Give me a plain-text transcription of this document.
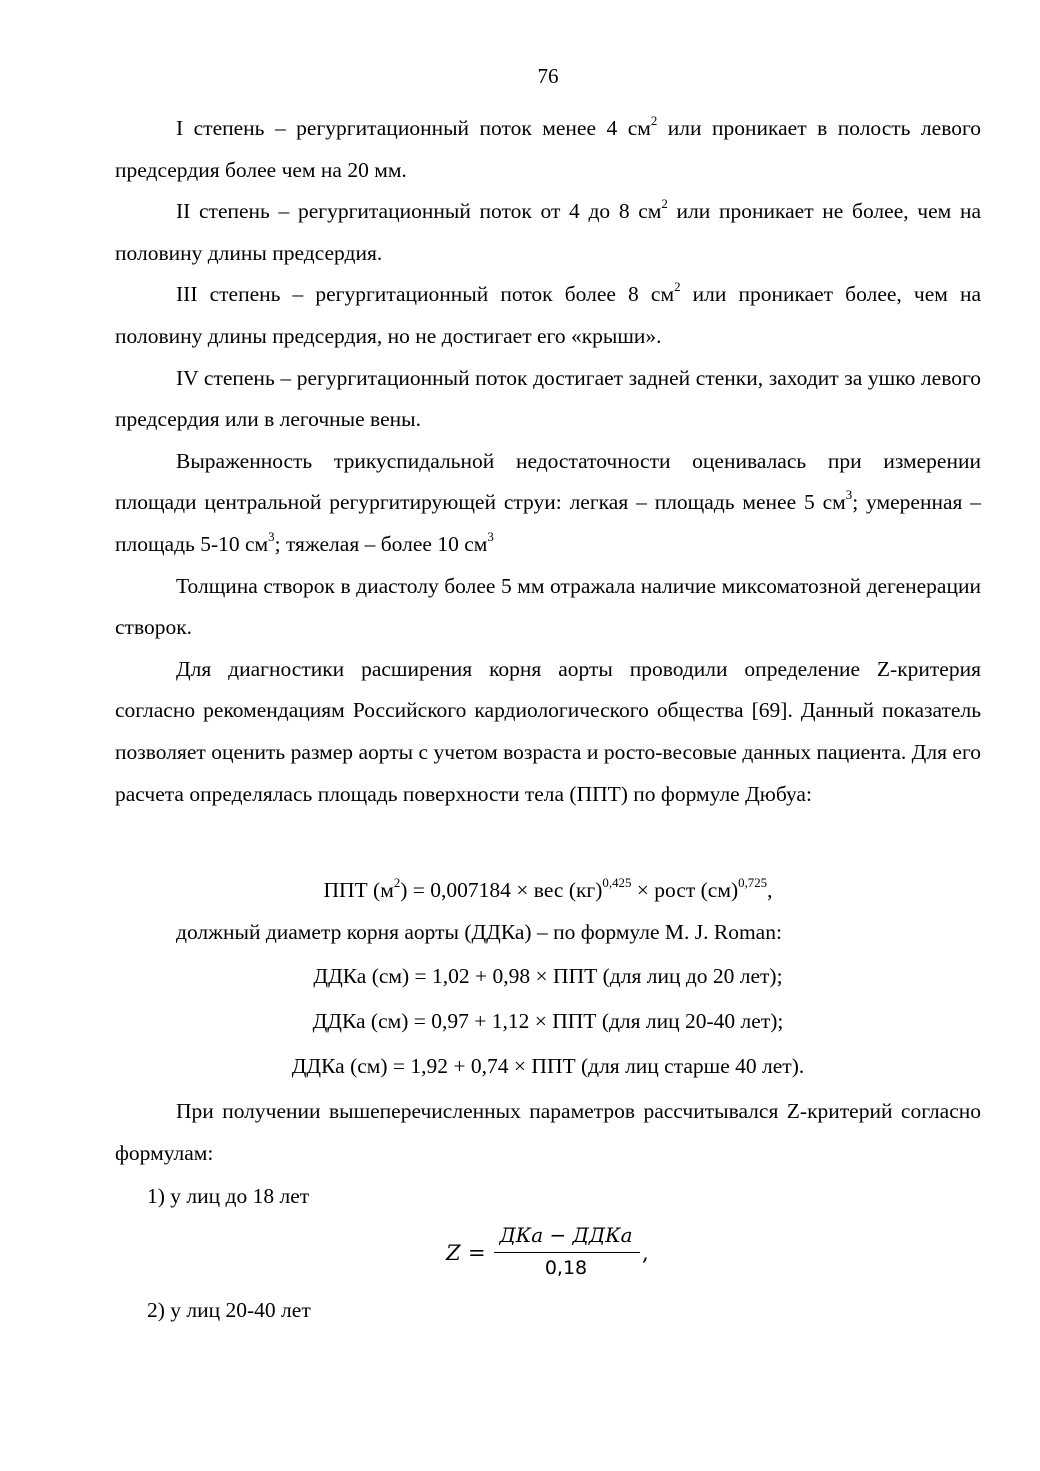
76

I степень – регургитационный поток менее 4 $см^2$ или проникает в полость левого предсердия более чем на 20 мм.

II степень – регургитационный поток от 4 до 8 $см^2$ или проникает не более, чем на половину длины предсердия.

III степень – регургитационный поток более 8 $см^2$ или проникает более, чем на половину длины предсердия, но не достигает его «крыши».

IV степень – регургитационный поток достигает задней стенки, заходит за ушко левого предсердия или в легочные вены.

Выраженность трикуспидальной недостаточности оценивалась при измерении площади центральной регургитирующей струи: легкая – площадь менее 5 $см^3$; умеренная – площадь 5-10 $см^3$; тяжелая – более 10 $см^3$

Толщина створок в диастолу более 5 мм отражала наличие миксоматозной дегенерации створок.

Для диагностики расширения корня аорты проводили определение Z-критерия согласно рекомендациям Российского кардиологического общества [69]. Данный показатель позволяет оценить размер аорты с учетом возраста и росто-весовые данных пациента. Для его расчета определялась площадь поверхности тела (ППТ) по формуле Дюбуа:

ППТ $(м^2) = 0,007184$ × вес (кг)$^{0,425}$ × рост (см)$^{0,725}$,

должный диаметр корня аорты (ДДКа) – по формуле M. J. Roman:

ДДКа (см) = 1,02 + 0,98 × ППТ (для лиц до 20 лет);

ДДКа (см) = 0,97 + 1,12 × ППТ (для лиц 20-40 лет);

ДДКа (см) = 1,92 + 0,74 × ППТ (для лиц старше 40 лет).

При получении вышеперечисленных параметров рассчитывался Z-критерий согласно формулам:

1) у лиц до 18 лет

Z =
ДКа − ДДКа
0,18
,

2) у лиц 20-40 лет
